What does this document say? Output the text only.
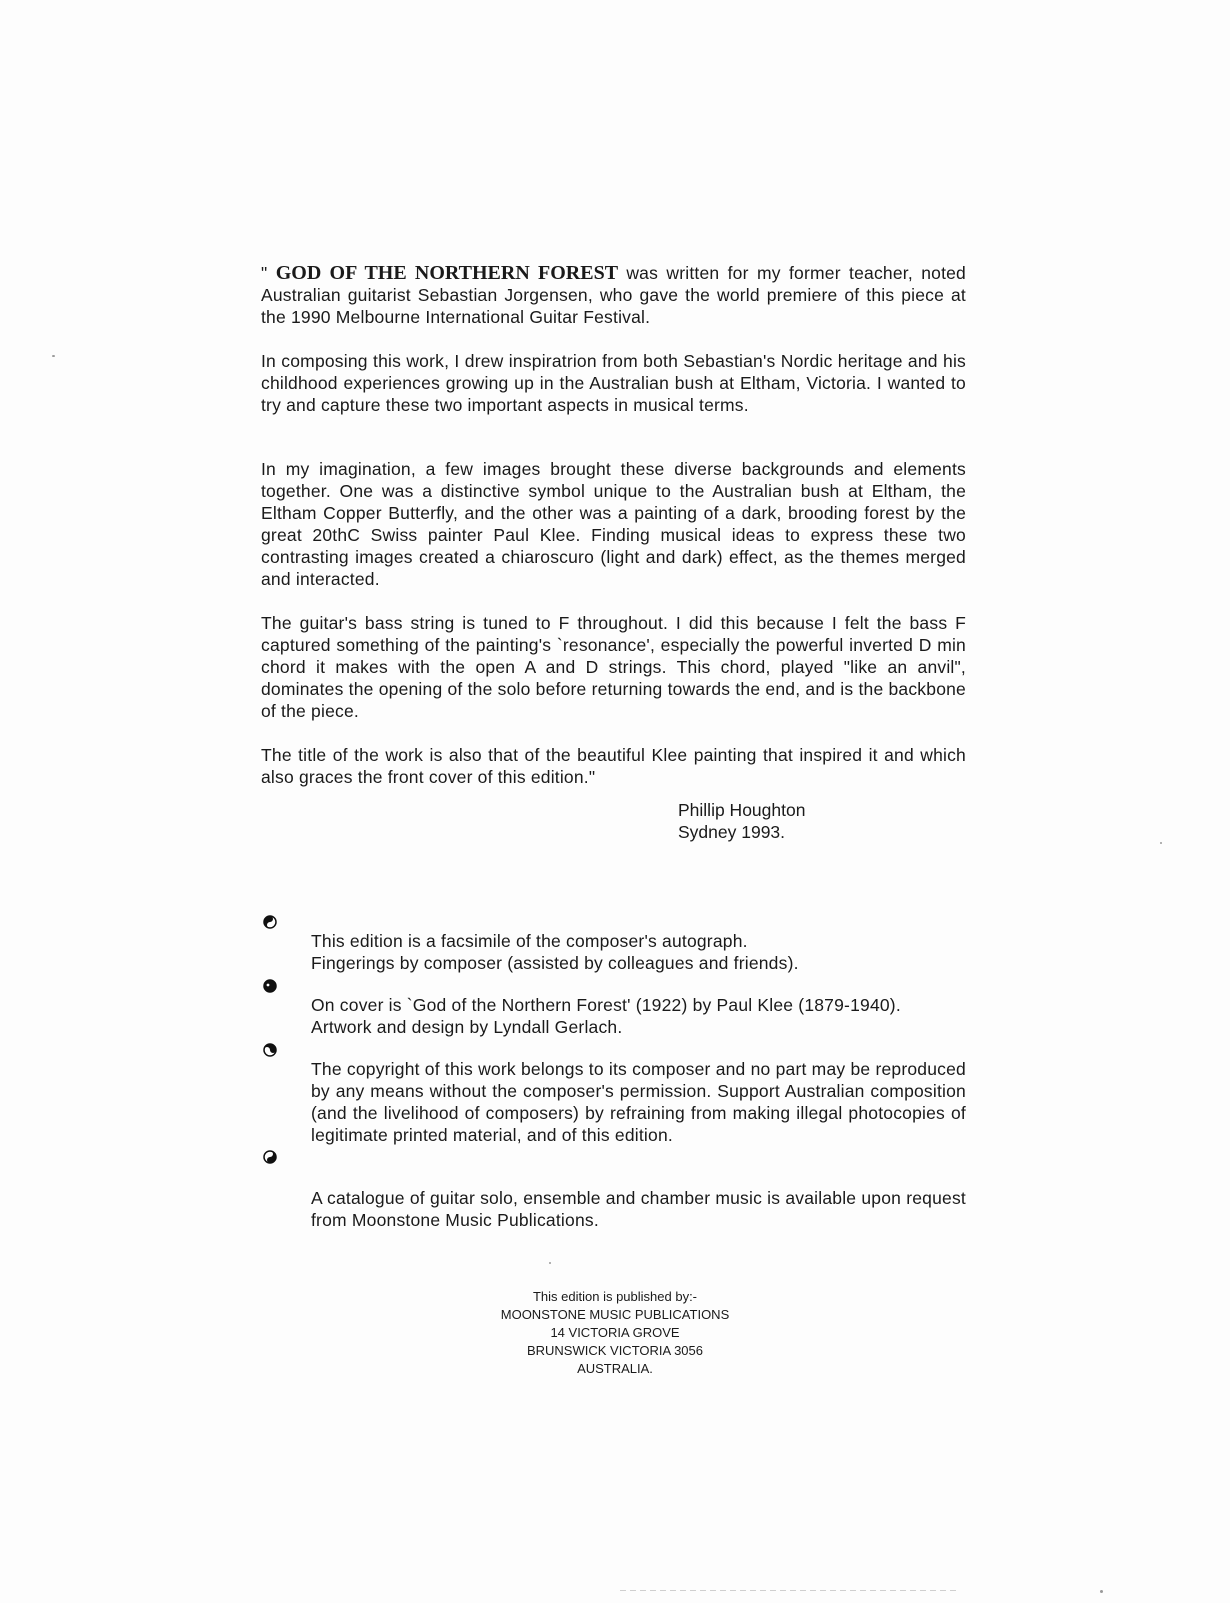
" GOD OF THE NORTHERN FOREST was written for my former teacher, noted Australian guitarist Sebastian Jorgensen, who gave the world premiere of this piece at the 1990 Melbourne International Guitar Festival.
In composing this work, I drew inspiratrion from both Sebastian's Nordic heritage and his childhood experiences growing up in the Australian bush at Eltham, Victoria. I wanted to try and capture these two important aspects in musical terms.
In my imagination, a few images brought these diverse backgrounds and elements together. One was a distinctive symbol unique to the Australian bush at Eltham, the Eltham Copper Butterfly, and the other was a painting of a dark, brooding forest by the great 20thC Swiss painter Paul Klee. Finding musical ideas to express these two contrasting images created a chiaroscuro (light and dark) effect, as the themes merged and interacted.
The guitar's bass string is tuned to F throughout. I did this because I felt the bass F captured something of the painting's `resonance', especially the powerful inverted D min chord it makes with the open A and D strings. This chord, played "like an anvil", dominates the opening of the solo before returning towards the end, and is the backbone of the piece.
The title of the work is also that of the beautiful Klee painting that inspired it and which also graces the front cover of this edition."
Phillip Houghton
Sydney 1993.
This edition is a facsimile of the composer's autograph.
Fingerings by composer (assisted by colleagues and friends).
On cover is `God of the Northern Forest' (1922) by Paul Klee (1879-1940).
Artwork and design by Lyndall Gerlach.
The copyright of this work belongs to its composer and no part may be reproduced by any means without the composer's permission. Support Australian composition (and the livelihood of composers) by refraining from making illegal photocopies of legitimate printed material, and of this edition.
A catalogue of guitar solo, ensemble and chamber music is available upon request from Moonstone Music Publications.
This edition is published by:-
MOONSTONE MUSIC PUBLICATIONS
14 VICTORIA GROVE
BRUNSWICK VICTORIA 3056
AUSTRALIA.
